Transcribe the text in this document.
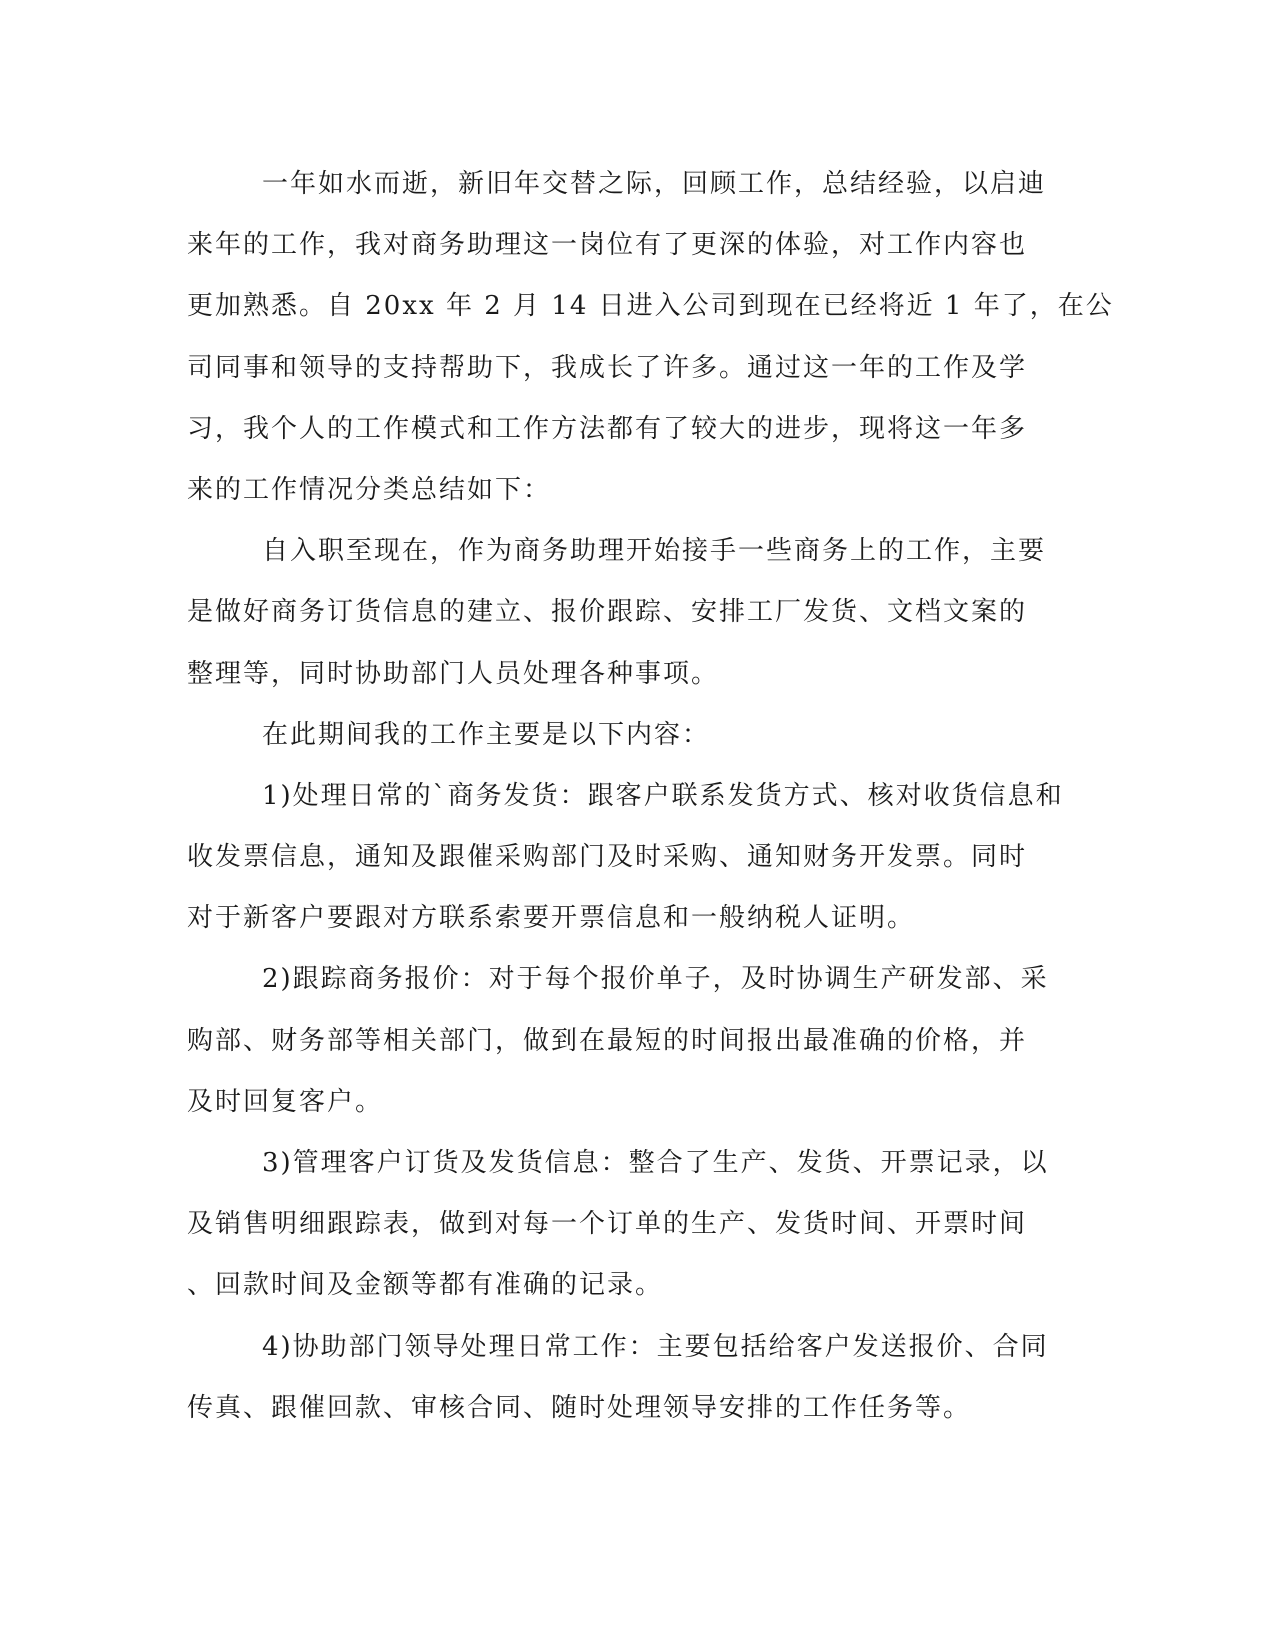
一年如水而逝，新旧年交替之际，回顾工作，总结经验，以启迪
来年的工作，我对商务助理这一岗位有了更深的体验，对工作内容也
更加熟悉。自 20xx 年 2 月 14 日进入公司到现在已经将近 1 年了，在公
司同事和领导的支持帮助下，我成长了许多。通过这一年的工作及学
习，我个人的工作模式和工作方法都有了较大的进步，现将这一年多
来的工作情况分类总结如下：
自入职至现在，作为商务助理开始接手一些商务上的工作，主要
是做好商务订货信息的建立、报价跟踪、安排工厂发货、文档文案的
整理等，同时协助部门人员处理各种事项。
在此期间我的工作主要是以下内容：
1)处理日常的`商务发货：跟客户联系发货方式、核对收货信息和
收发票信息，通知及跟催采购部门及时采购、通知财务开发票。同时
对于新客户要跟对方联系索要开票信息和一般纳税人证明。
2)跟踪商务报价：对于每个报价单子，及时协调生产研发部、采
购部、财务部等相关部门，做到在最短的时间报出最准确的价格，并
及时回复客户。
3)管理客户订货及发货信息：整合了生产、发货、开票记录，以
及销售明细跟踪表，做到对每一个订单的生产、发货时间、开票时间
、回款时间及金额等都有准确的记录。
4)协助部门领导处理日常工作：主要包括给客户发送报价、合同
传真、跟催回款、审核合同、随时处理领导安排的工作任务等。
